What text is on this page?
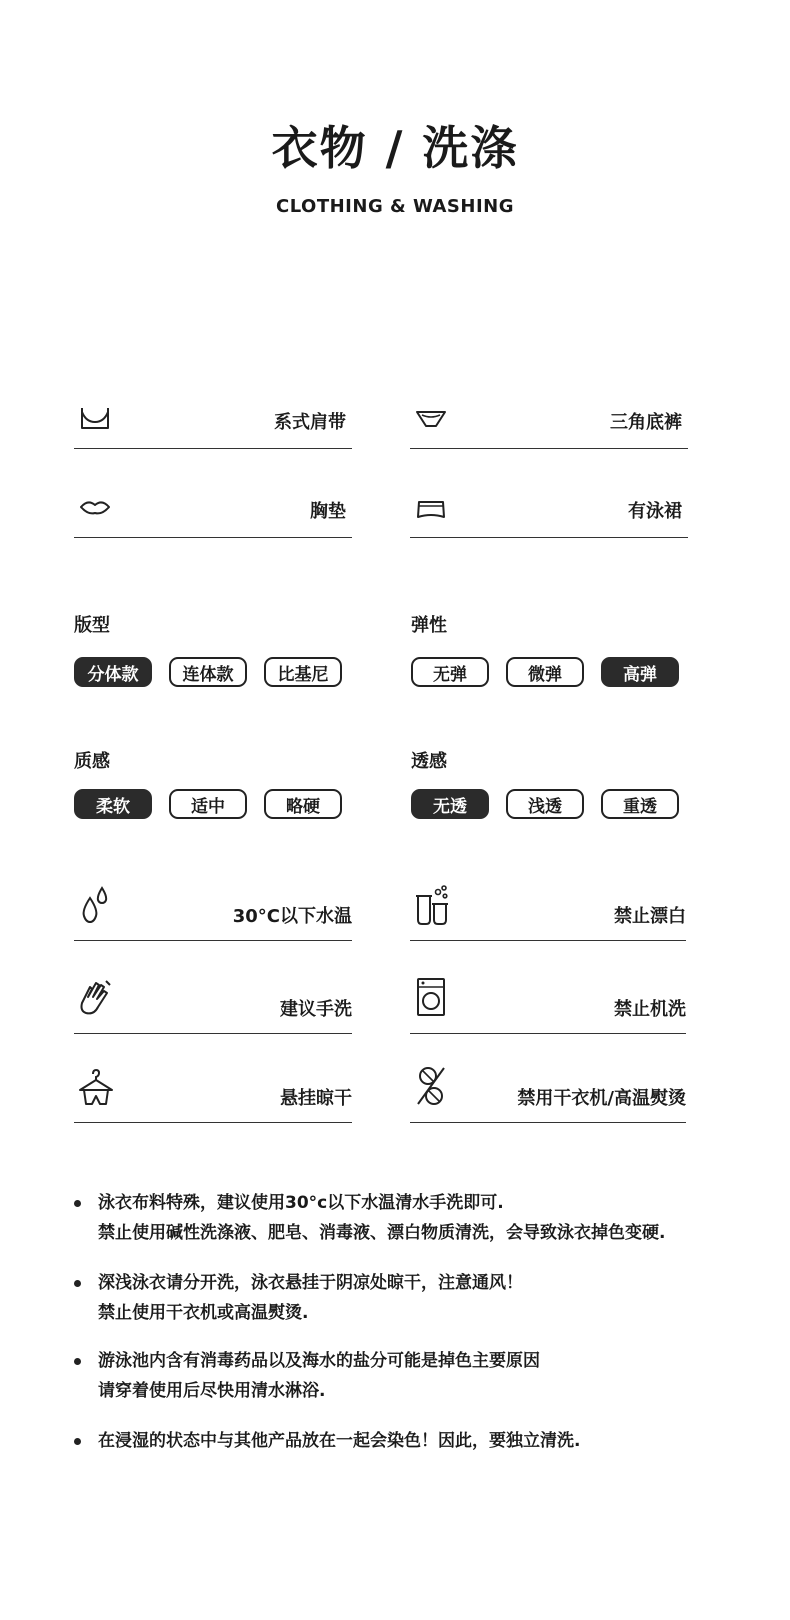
衣物 / 洗涤
CLOTHING & WASHING
系式肩带	三角底裤
胸垫	有泳裙
版型
分体款	连体款	比基尼
弹性
无弹	微弹	高弹
质感
柔软	适中	略硬
透感
无透	浅透	重透
30°C以下水温	禁止漂白
建议手洗	禁止机洗
悬挂晾干	禁用干衣机/高温熨烫
泳衣布料特殊，建议使用30°c以下水温清水手洗即可.
禁止使用碱性洗涤液、肥皂、消毒液、漂白物质清洗，会导致泳衣掉色变硬.
深浅泳衣请分开洗，泳衣悬挂于阴凉处晾干，注意通风！
禁止使用干衣机或高温熨烫.
游泳池内含有消毒药品以及海水的盐分可能是掉色主要原因
请穿着使用后尽快用清水淋浴.
在浸湿的状态中与其他产品放在一起会染色！因此，要独立清洗.
